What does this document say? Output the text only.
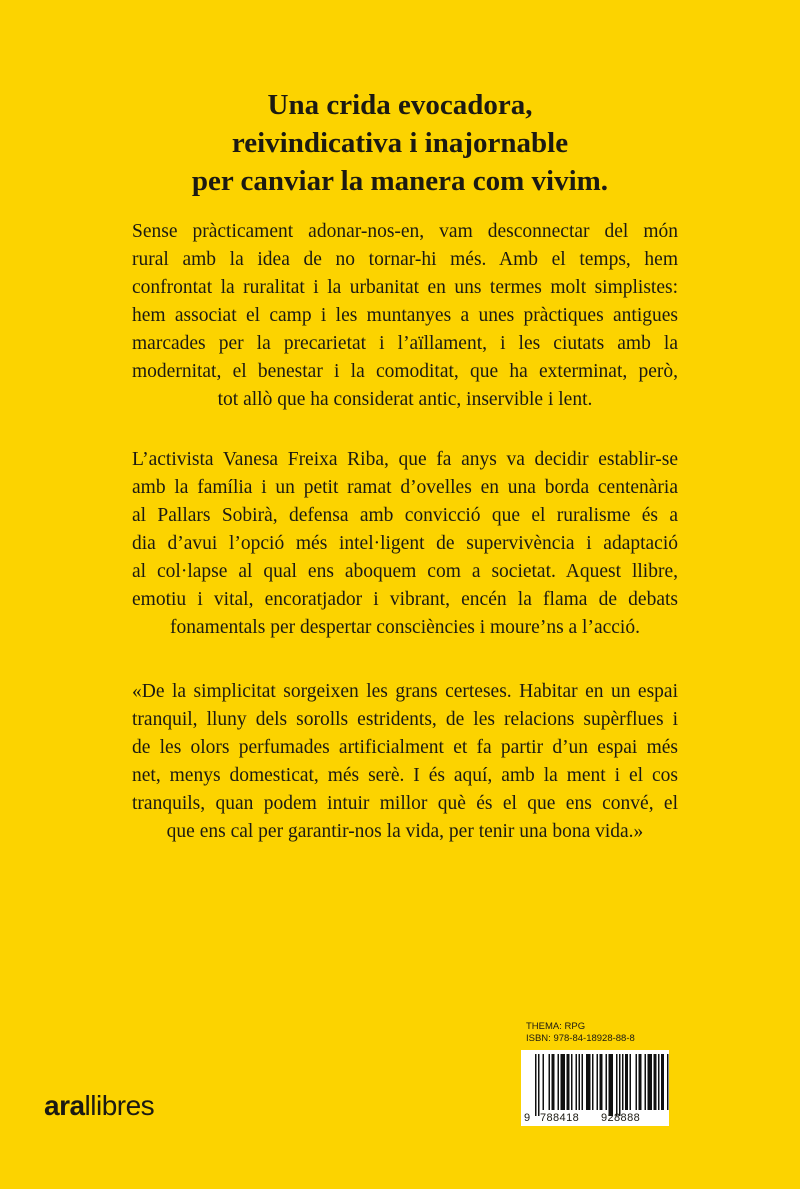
Una crida evocadora,
reivindicativa i inajornable
per canviar la manera com vivim.

Sense pràcticament adonar-nos-en, vam desconnectar del món
rural amb la idea de no tornar-hi més. Amb el temps, hem
confrontat la ruralitat i la urbanitat en uns termes molt simplistes:
hem associat el camp i les muntanyes a unes pràctiques antigues
marcades per la precarietat i l’aïllament, i les ciutats amb la
modernitat, el benestar i la comoditat, que ha exterminat, però,
tot allò que ha considerat antic, inservible i lent.

L’activista Vanesa Freixa Riba, que fa anys va decidir establir-se
amb la família i un petit ramat d’ovelles en una borda centenària
al Pallars Sobirà, defensa amb convicció que el ruralisme és a
dia d’avui l’opció més intel·ligent de supervivència i adaptació
al col·lapse al qual ens aboquem com a societat. Aquest llibre,
emotiu i vital, encoratjador i vibrant, encén la flama de debats
fonamentals per despertar consciències i moure’ns a l’acció.

«De la simplicitat sorgeixen les grans certeses. Habitar en un espai
tranquil, lluny dels sorolls estridents, de les relacions supèrflues i
de les olors perfumades artificialment et fa partir d’un espai més
net, menys domesticat, més serè. I és aquí, amb la ment i el cos
tranquils, quan podem intuir millor què és el que ens convé, el
que ens cal per garantir-nos la vida, per tenir una bona vida.»

arallibres
THEMA: RPG
ISBN: 978-84-18928-88-8
9 788418 928888
